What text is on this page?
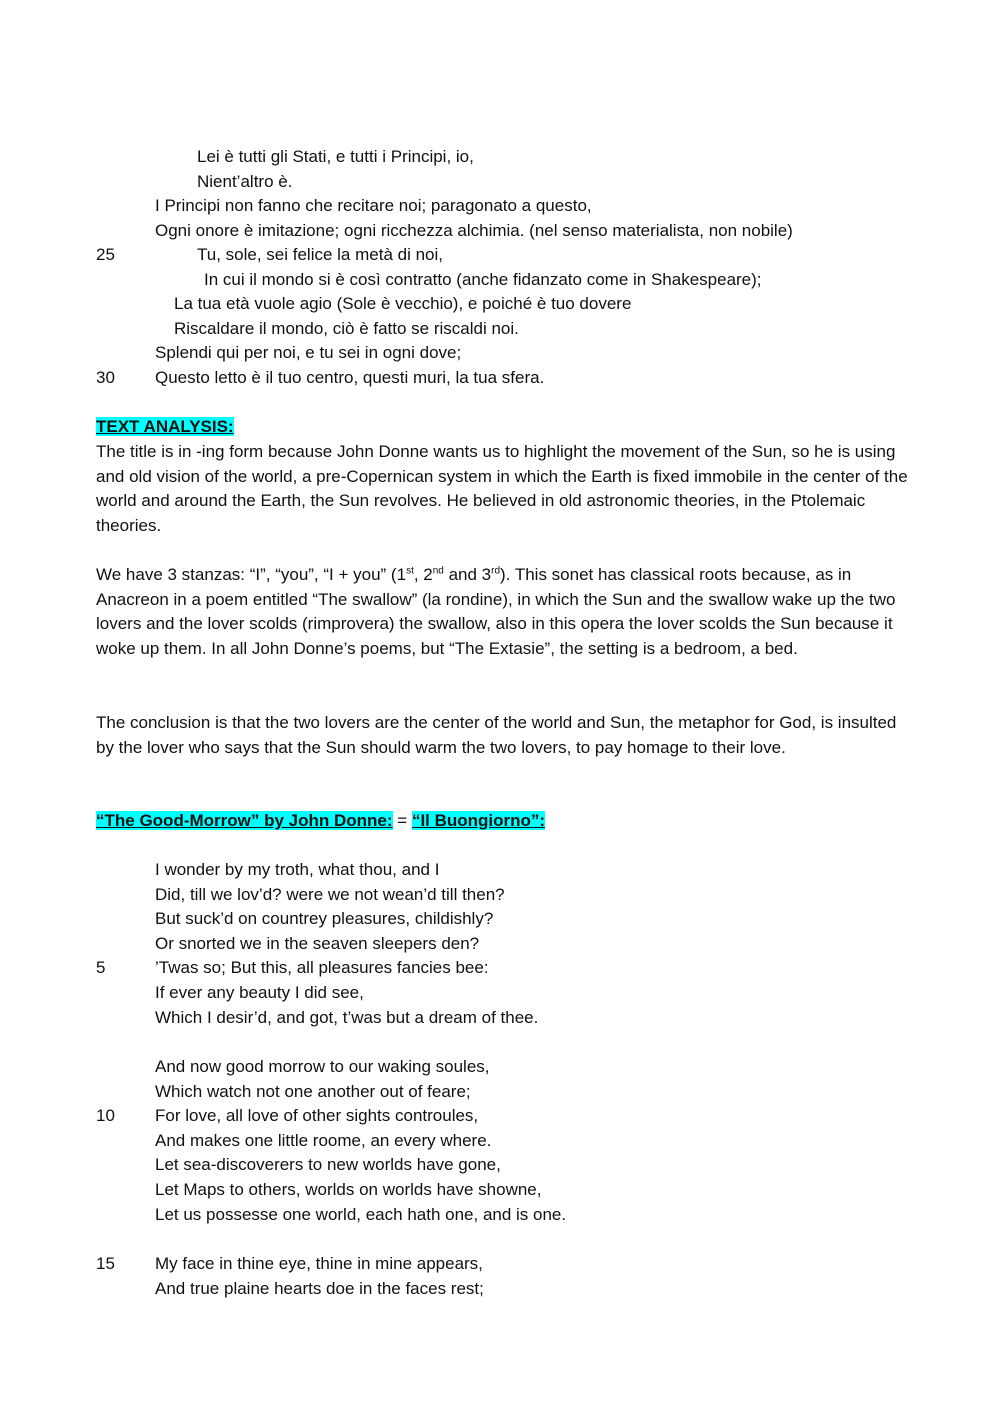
Lei è tutti gli Stati, e tutti i Principi, io,
Nient’altro è.
I Principi non fanno che recitare noi; paragonato a questo,
Ogni onore è imitazione; ogni ricchezza alchimia. (nel senso materialista, non nobile)
25	Tu, sole, sei felice la metà di noi,
In cui il mondo si è così contratto (anche fidanzato come in Shakespeare);
La tua età vuole agio (Sole è vecchio), e poiché è tuo dovere
Riscaldare il mondo, ciò è fatto se riscaldi noi.
Splendi qui per noi, e tu sei in ogni dove;
30 Questo letto è il tuo centro, questi muri, la tua sfera.
TEXT ANALYSIS:

The title is in -ing form because John Donne wants us to highlight the movement of the Sun, so he is using and old vision of the world, a pre-Copernican system in which the Earth is fixed immobile in the center of the world and around the Earth, the Sun revolves. He believed in old astronomic theories, in the Ptolemaic theories.

We have 3 stanzas: “I”, “you”, “I + you” (1st, 2nd and 3rd). This sonet has classical roots because, as in Anacreon in a poem entitled “The swallow” (la rondine), in which the Sun and the swallow wake up the two lovers and the lover scolds (rimprovera) the swallow, also in this opera the lover scolds the Sun because it woke up them. In all John Donne’s poems, but “The Extasie”, the setting is a bedroom, a bed.

The conclusion is that the two lovers are the center of the world and Sun, the metaphor for God, is insulted by the lover who says that the Sun should warm the two lovers, to pay homage to their love.

“The Good-Morrow” by John Donne: = “Il Buongiorno”:
I wonder by my troth, what thou, and I
Did, till we lov’d? were we not wean’d till then?
But suck’d on countrey pleasures, childishly?
Or snorted we in the seaven sleepers den?
5	’Twas so; But this, all pleasures fancies bee:
If ever any beauty I did see,
Which I desir’d, and got, t’was but a dream of thee.
And now good morrow to our waking soules,
Which watch not one another out of feare;
10 For love, all love of other sights controules,
And makes one little roome, an every where.
Let sea-discoverers to new worlds have gone,
Let Maps to others, worlds on worlds have showne,
Let us possesse one world, each hath one, and is one.
15 My face in thine eye, thine in mine appears,
And true plaine hearts doe in the faces rest;
